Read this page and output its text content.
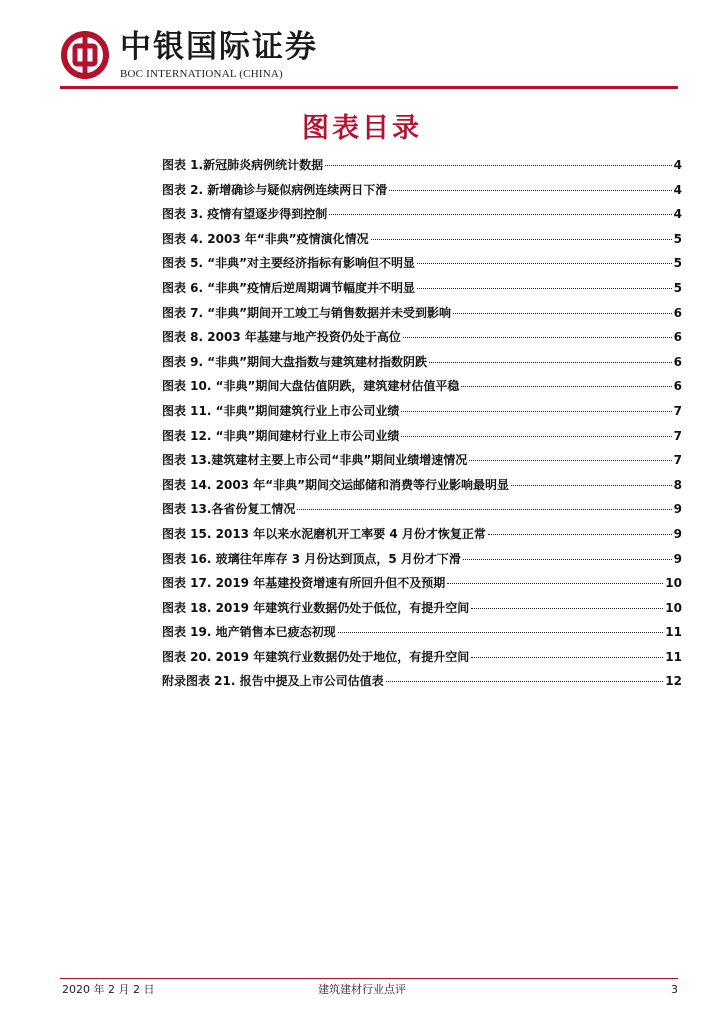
中银国际证券
BOC INTERNATIONAL (CHINA)
图表目录
图表 1.新冠肺炎病例统计数据	4
图表 2. 新增确诊与疑似病例连续两日下滑	4
图表 3. 疫情有望逐步得到控制	4
图表 4. 2003 年“非典”疫情演化情况	5
图表 5. “非典”对主要经济指标有影响但不明显	5
图表 6. “非典”疫情后逆周期调节幅度并不明显	5
图表 7. “非典”期间开工竣工与销售数据并未受到影响	6
图表 8. 2003 年基建与地产投资仍处于高位	6
图表 9. “非典”期间大盘指数与建筑建材指数阴跌	6
图表 10. “非典”期间大盘估值阴跌，建筑建材估值平稳	6
图表 11. “非典”期间建筑行业上市公司业绩	7
图表 12. “非典”期间建材行业上市公司业绩	7
图表 13.建筑建材主要上市公司“非典”期间业绩增速情况	7
图表 14. 2003 年“非典”期间交运邮储和消费等行业影响最明显	8
图表 13.各省份复工情况	9
图表 15. 2013 年以来水泥磨机开工率要 4 月份才恢复正常	9
图表 16. 玻璃往年库存 3 月份达到顶点，5 月份才下滑	9
图表 17. 2019 年基建投资增速有所回升但不及预期	10
图表 18. 2019 年建筑行业数据仍处于低位，有提升空间	10
图表 19. 地产销售本已疲态初现	11
图表 20. 2019 年建筑行业数据仍处于地位，有提升空间	11
附录图表 21. 报告中提及上市公司估值表	12
2020 年 2 月 2 日	建筑建材行业点评	3
